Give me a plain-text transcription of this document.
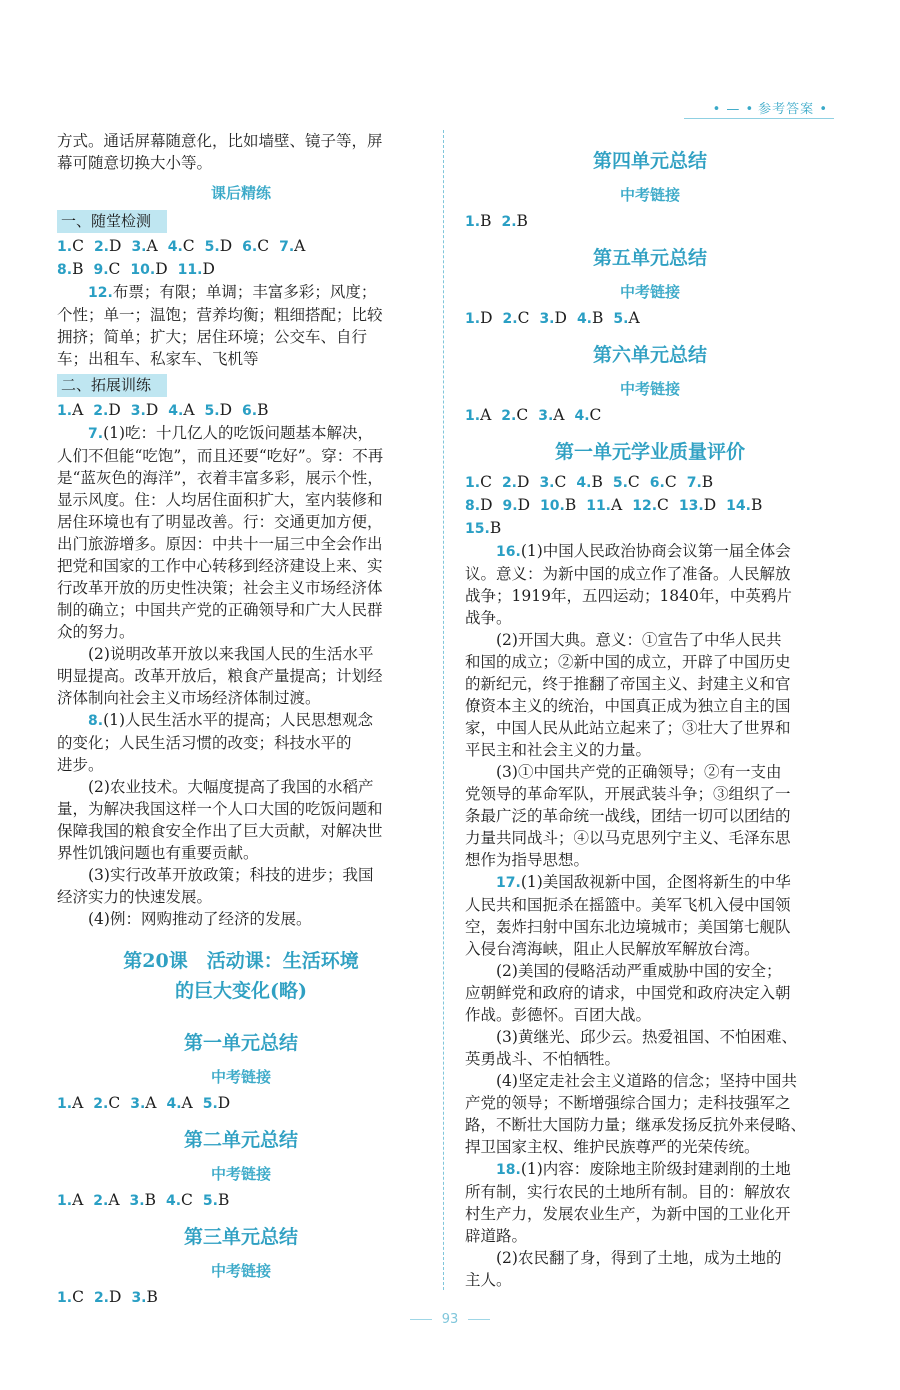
• — • 参考答案 •
方式。通话屏幕随意化，比如墙壁、镜子等，屏
幕可随意切换大小等。
课后精练
一、随堂检测
1.C 2.D 3.A 4.C 5.D 6.C 7.A
8.B 9.C 10.D 11.D
12.布票；有限；单调；丰富多彩；风度；
个性；单一；温饱；营养均衡；粗细搭配；比较
拥挤；简单；扩大；居住环境；公交车、自行
车；出租车、私家车、飞机等
二、拓展训练
1.A 2.D 3.D 4.A 5.D 6.B
7.(1)吃：十几亿人的吃饭问题基本解决，
人们不但能“吃饱”，而且还要“吃好”。穿：不再
是“蓝灰色的海洋”，衣着丰富多彩，展示个性，
显示风度。住：人均居住面积扩大，室内装修和
居住环境也有了明显改善。行：交通更加方便，
出门旅游增多。原因：中共十一届三中全会作出
把党和国家的工作中心转移到经济建设上来、实
行改革开放的历史性决策；社会主义市场经济体
制的确立；中国共产党的正确领导和广大人民群
众的努力。
(2)说明改革开放以来我国人民的生活水平
明显提高。改革开放后，粮食产量提高；计划经
济体制向社会主义市场经济体制过渡。
8.(1)人民生活水平的提高；人民思想观念
的变化；人民生活习惯的改变；科技水平的
进步。
(2)农业技术。大幅度提高了我国的水稻产
量，为解决我国这样一个人口大国的吃饭问题和
保障我国的粮食安全作出了巨大贡献，对解决世
界性饥饿问题也有重要贡献。
(3)实行改革开放政策；科技的进步；我国
经济实力的快速发展。
(4)例：网购推动了经济的发展。
第20课　活动课：生活环境
的巨大变化(略)
第一单元总结
中考链接
1.A 2.C 3.A 4.A 5.D
第二单元总结
中考链接
1.A 2.A 3.B 4.C 5.B
第三单元总结
中考链接
1.C 2.D 3.B
第四单元总结
中考链接
1.B 2.B
第五单元总结
中考链接
1.D 2.C 3.D 4.B 5.A
第六单元总结
中考链接
1.A 2.C 3.A 4.C
第一单元学业质量评价
1.C 2.D 3.C 4.B 5.C 6.C 7.B
8.D 9.D 10.B 11.A 12.C 13.D 14.B
15.B
16.(1)中国人民政治协商会议第一届全体会
议。意义：为新中国的成立作了准备。人民解放
战争；1919年，五四运动；1840年，中英鸦片
战争。
(2)开国大典。意义：①宣告了中华人民共
和国的成立；②新中国的成立，开辟了中国历史
的新纪元，终于推翻了帝国主义、封建主义和官
僚资本主义的统治，中国真正成为独立自主的国
家，中国人民从此站立起来了；③壮大了世界和
平民主和社会主义的力量。
(3)①中国共产党的正确领导；②有一支由
党领导的革命军队，开展武装斗争；③组织了一
条最广泛的革命统一战线，团结一切可以团结的
力量共同战斗；④以马克思列宁主义、毛泽东思
想作为指导思想。
17.(1)美国敌视新中国，企图将新生的中华
人民共和国扼杀在摇篮中。美军飞机入侵中国领
空，轰炸扫射中国东北边境城市；美国第七舰队
入侵台湾海峡，阻止人民解放军解放台湾。
(2)美国的侵略活动严重威胁中国的安全；
应朝鲜党和政府的请求，中国党和政府决定入朝
作战。彭德怀。百团大战。
(3)黄继光、邱少云。热爱祖国、不怕困难、
英勇战斗、不怕牺牲。
(4)坚定走社会主义道路的信念；坚持中国共
产党的领导；不断增强综合国力；走科技强军之
路，不断壮大国防力量；继承发扬反抗外来侵略、
捍卫国家主权、维护民族尊严的光荣传统。
18.(1)内容：废除地主阶级封建剥削的土地
所有制，实行农民的土地所有制。目的：解放农
村生产力，发展农业生产，为新中国的工业化开
辟道路。
(2)农民翻了身，得到了土地，成为土地的
主人。
93
